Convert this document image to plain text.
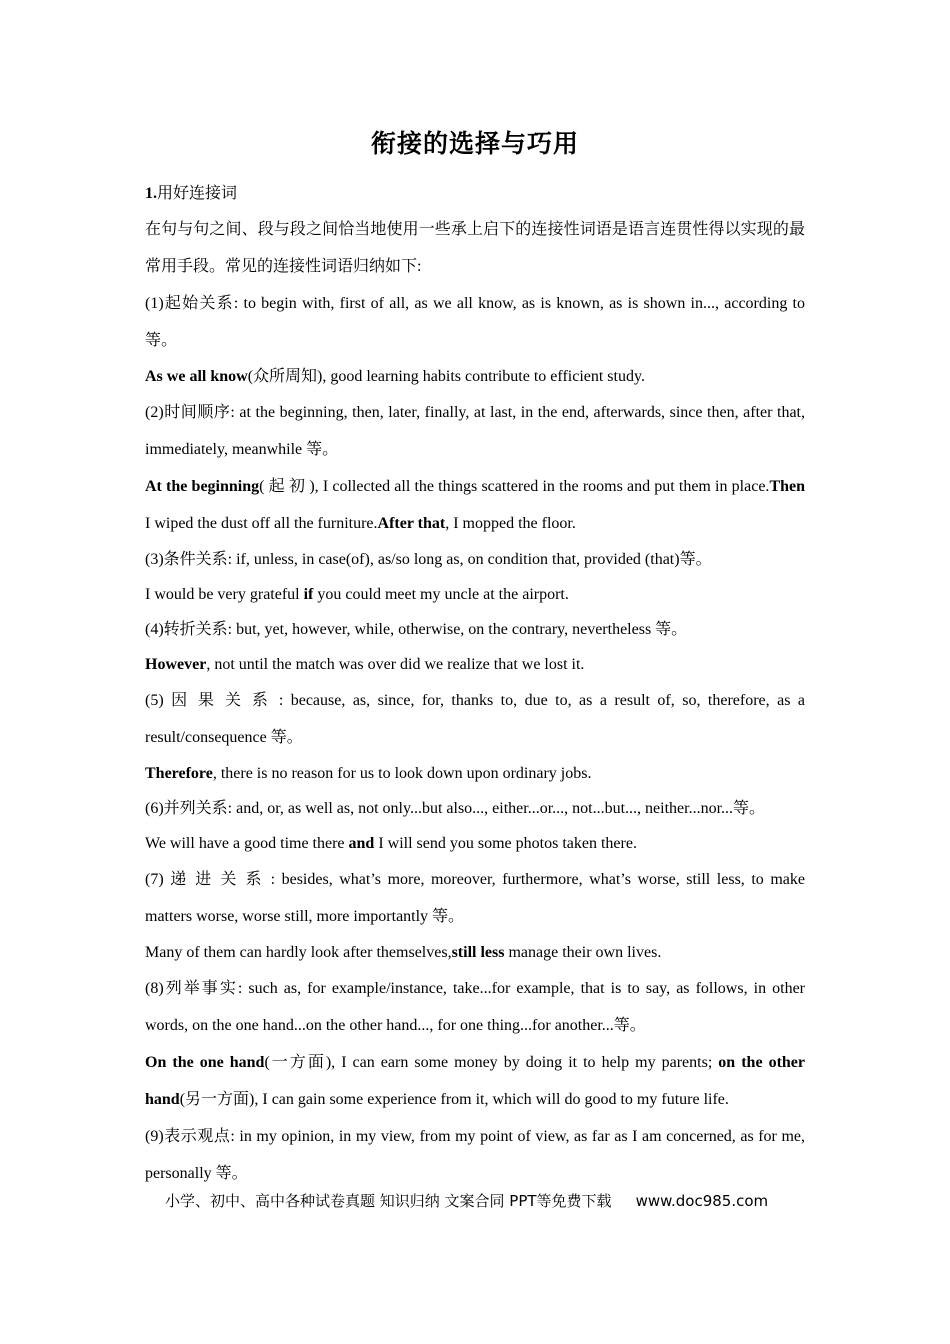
衔接的选择与巧用
1.用好连接词
在句与句之间、段与段之间恰当地使用一些承上启下的连接性词语是语言连贯性得以实现的最常用手段。常见的连接性词语归纳如下:
(1)起始关系: to begin with, first of all, as we all know, as is known, as is shown in..., according to 等。
As we all know(众所周知), good learning habits contribute to efficient study.
(2)时间顺序: at the beginning, then, later, finally, at last, in the end, afterwards, since then, after that, immediately, meanwhile 等。
At the beginning( 起 初 ), I collected all the things scattered in the rooms and put them in place.Then I wiped the dust off all the furniture.After that, I mopped the floor.
(3)条件关系: if, unless, in case(of), as/so long as, on condition that, provided (that)等。
I would be very grateful if you could meet my uncle at the airport.
(4)转折关系: but, yet, however, while, otherwise, on the contrary, nevertheless 等。
However, not until the match was over did we realize that we lost it.
(5) 因 果 关 系 : because, as, since, for, thanks to, due to, as a result of, so, therefore, as a result/consequence 等。
Therefore, there is no reason for us to look down upon ordinary jobs.
(6)并列关系: and, or, as well as, not only...but also..., either...or..., not...but..., neither...nor...等。
We will have a good time there and I will send you some photos taken there.
(7) 递 进 关 系 : besides, what’s more, moreover, furthermore, what’s worse, still less, to make matters worse, worse still, more importantly 等。
Many of them can hardly look after themselves,still less manage their own lives.
(8)列举事实: such as, for example/instance, take...for example, that is to say, as follows, in other words, on the one hand...on the other hand..., for one thing...for another...等。
On the one hand(一方面), I can earn some money by doing it to help my parents; on the other hand(另一方面), I can gain some experience from it, which will do good to my future life.
(9)表示观点: in my opinion, in my view, from my point of view, as far as I am concerned, as for me, personally 等。
小学、初中、高中各种试卷真题 知识归纳 文案合同 PPT等免费下载 www.doc985.com
